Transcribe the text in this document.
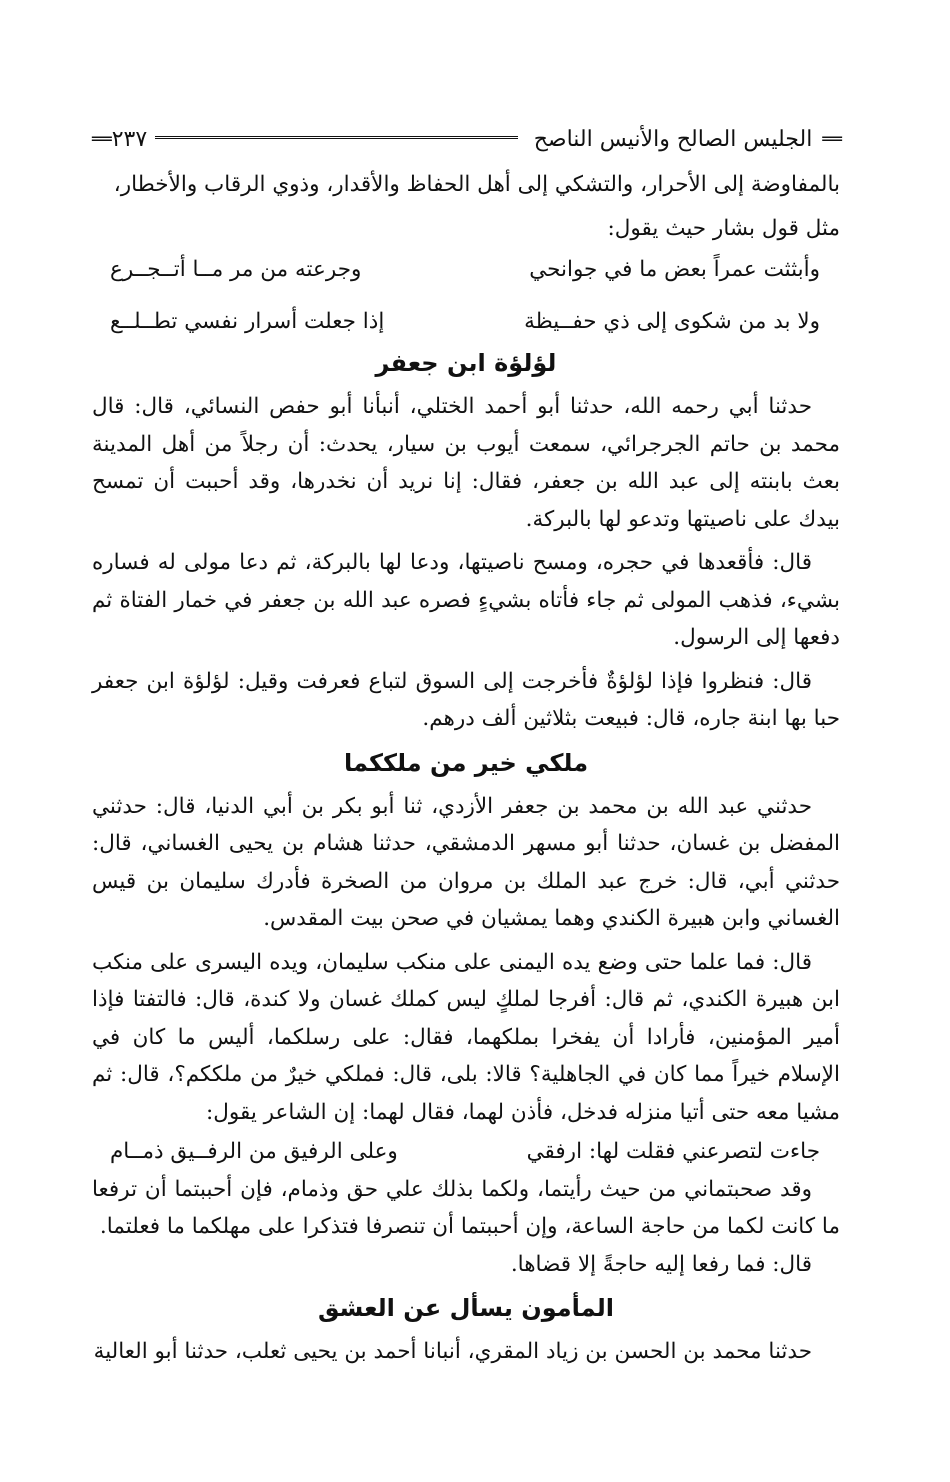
══
الجليس الصالح والأنيس الناصح
٢٣٧
══
بالمفاوضة إلى الأحرار، والتشكي إلى أهل الحفاظ والأقدار، وذوي الرقاب والأخطار،
مثل قول بشار حيث يقول:
وأبثثت عمراً بعض ما في جوانحي
وجرعته من مر مــا أتــجــرع
ولا بد من شكوى إلى ذي حفــيظة
إذا جعلت أسرار نفسي تطــلــع
لؤلؤة ابن جعفر
حدثنا أبي رحمه الله، حدثنا أبو أحمد الختلي، أنبأنا أبو حفص النسائي، قال: قال محمد بن حاتم الجرجرائي، سمعت أيوب بن سيار، يحدث: أن رجلاً من أهل المدينة بعث بابنته إلى عبد الله بن جعفر، فقال: إنا نريد أن نخدرها، وقد أحببت أن تمسح بيدك على ناصيتها وتدعو لها بالبركة.
قال: فأقعدها في حجره، ومسح ناصيتها، ودعا لها بالبركة، ثم دعا مولى له فساره بشيء، فذهب المولى ثم جاء فأتاه بشيءٍ فصره عبد الله بن جعفر في خمار الفتاة ثم دفعها إلى الرسول.
قال: فنظروا فإذا لؤلؤةٌ فأخرجت إلى السوق لتباع فعرفت وقيل: لؤلؤة ابن جعفر حبا بها ابنة جاره، قال: فبيعت بثلاثين ألف درهم.
ملكي خير من ملككما
حدثني عبد الله بن محمد بن جعفر الأزدي، ثنا أبو بكر بن أبي الدنيا، قال: حدثني المفضل بن غسان، حدثنا أبو مسهر الدمشقي، حدثنا هشام بن يحيى الغساني، قال: حدثني أبي، قال: خرج عبد الملك بن مروان من الصخرة فأدرك سليمان بن قيس الغساني وابن هبيرة الكندي وهما يمشيان في صحن بيت المقدس.
قال: فما علما حتى وضع يده اليمنى على منكب سليمان، ويده اليسرى على منكب ابن هبيرة الكندي، ثم قال: أفرجا لملكٍ ليس كملك غسان ولا كندة، قال: فالتفتا فإذا أمير المؤمنين، فأرادا أن يفخرا بملكهما، فقال: على رسلكما، أليس ما كان في الإسلام خيراً مما كان في الجاهلية؟ قالا: بلى، قال: فملكي خيرٌ من ملككم؟، قال: ثم مشيا معه حتى أتيا منزله فدخل، فأذن لهما، فقال لهما: إن الشاعر يقول:
جاءت لتصرعني فقلت لها: ارفقي
وعلى الرفيق من الرفــيق ذمــام
وقد صحبتماني من حيث رأيتما، ولكما بذلك علي حق وذمام، فإن أحببتما أن ترفعا ما كانت لكما من حاجة الساعة، وإن أحببتما أن تنصرفا فتذكرا على مهلكما ما فعلتما.
قال: فما رفعا إليه حاجةً إلا قضاها.
المأمون يسأل عن العشق
حدثنا محمد بن الحسن بن زياد المقري، أنبانا أحمد بن يحيى ثعلب، حدثنا أبو العالية
